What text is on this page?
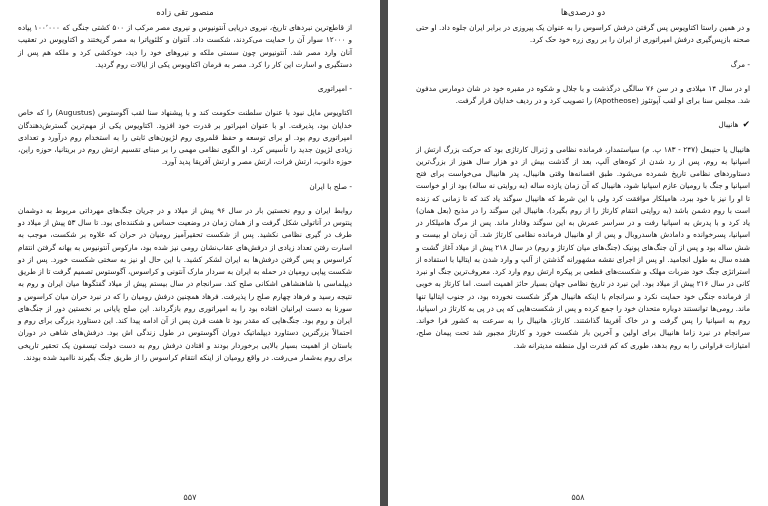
منصور تقی زاده

از قاطع‌ترین نبردهای تاریخ، نیروی دریایی آنتونیوس و نیروی مصر مرکب از ۵۰۰ کشتی جنگی که ۱۰۰٬۰۰۰ پیاده و ۱۲۰۰۰ سوار آن را حمایت می‌کردند، شکست داد. آنتوان و کلئوپاترا به مصر گریختند و اکتاویوس در تعقیب آنان وارد مصر شد. آنتونیوس چون سستی ملکه و نیروهای خود را دید، خودکشی کرد و ملکه هم پس از دستگیری و اسارت این کار را کرد. مصر به فرمان اکتاویوس یکی از ایالات روم گردید.

- امپراتوری

اکتاویوس مایل نبود با عنوان سلطنت حکومت کند و با پیشنهاد سنا لقب آگوستوس (Augustus) را که خاص خدایان بود، پذیرفت. او با عنوان امپراتور بر قدرت خود افزود. اکتاویوس یکی از مهم‌ترین گسترش‌دهندگان امپراتوری روم بود. او برای توسعه و حفظ قلمروی روم لژیون‌های ثابتی را به استخدام روم درآورد و تعدادی زیادی لژیون جدید را تأسیس کرد. او الگوی نظامی مهمی را بر مبنای تقسیم ارتش روم در بریتانیا، حوزه راین، حوزه دانوب، ارتش فرات، ارتش مصر و ارتش آفریقا پدید آورد.

- صلح با ایران

روابط ایران و روم نخستین بار در سال ۹۶ پیش از میلاد و در جریان جنگ‌های مهرداتی مربوط به دوشمان پنتوس در آناتولی شکل گرفت و از همان زمان در وضعیت حساس و شکننده‌ای بود. تا سال ۵۳ پیش از میلاد دو طرف در گیری نظامی نکشید. پس از شکست تحقیرآمیز رومیان در حران که علاوه بر شکست، موجب به اسارت رفتن تعداد زیادی از درفش‌های عقاب‌نشان رومی نیز شده بود، مارکوس آنتونیوس به بهانه گرفتن انتقام کراسوس و پس گرفتن درفش‌ها به ایران لشکر کشید. با این حال او نیز به سختی شکست خورد. پس از دو شکست پیاپی رومیان در حمله به ایران به سردار مارک آنتونی و کراسوس، آگوستوس تصمیم گرفت تا از طریق دیپلماسی با شاهنشاهی اشکانی صلح کند. سرانجام در سال بیستم پیش از میلاد گفتگوها میان ایران و روم به نتیجه رسید و فرهاد چهارم صلح را پذیرفت. فرهاد همچنین درفش رومیان را که در نبرد حران میان کراسوس و سورنا به دست ایرانیان افتاده بود را به امپراتوری روم بازگرداند. این صلح پایانی بر نخستین دور از جنگ‌های ایران و روم بود. جنگ‌هایی که مقدر بود تا هفت قرن پس از آن ادامه پیدا کند. این دستاورد بزرگی برای روم و احتمالاً بزرگترین دستاورد دیپلماتیک دوران آگوستوس در طول زندگی اش بود. درفش‌های شاهی در دوران باستان از اهمیت بسیار بالایی برخوردار بودند و افتادن درفش روم به دست دولت تیسفون یک تحقیر تاریخی برای روم به‌شمار می‌رفت. در واقع رومیان از اینکه انتقام کراسوس را از طریق جنگ بگیرند ناامید شده بودند.

۵۵۷
دو درصدی‌ها

و در همین راستا اکتاویوس پس گرفتن درفش کراسوس را به عنوان یک پیروزی در برابر ایران جلوه داد. او حتی صحنه بازپس‌گیری درفش امپراتوری از ایران را بر روی زره خود حک کرد.

- مرگ

او در سال ۱۴ میلادی و در سن ۷۶ سالگی درگذشت و با جلال و شکوه در مقبره خود در شان دومارس مدفون شد. مجلس سنا برای او لقب آپوتئوز (Apotheose) را تصویب کرد و در ردیف خدایان قرار گرفت.

✔
هانیبال

هانیبال یا حنیبعل (۲۴۷ - ۱۸۳ پ. م) سیاستمدار، فرمانده نظامی و ژنرال کارتاژی بود که حرکت بزرگ ارتش از اسپانیا به روم، پس از رد شدن از کوه‌های آلپ، بعد از گذشت بیش از دو هزار سال هنوز از بزرگ‌ترین دستاوردهای نظامی تاریخ شمرده می‌شود. طبق افسانه‌ها وقتی هانیبال، پدر هانیبال می‌خواست برای فتح اسپانیا و جنگ با رومیان عازم اسپانیا شود، هانیبال که آن زمان یازده ساله (به روایتی نه ساله) بود از او خواست تا او را نیز با خود ببرد، هامیلکار موافقت کرد ولی با این شرط که هانیبال سوگند یاد کند که تا زمانی که زنده است با روم دشمن باشد (به روایتی انتقام کارتاژ را از روم بگیرد). هانیبال این سوگند را در مذبح (بعل همان) یاد کرد و با پدرش به اسپانیا رفت و در سراسر عمرش به این سوگند وفادار ماند. پس از مرگ هامیلکار در اسپانیا، پسرخوانده و دامادش هاسدروبال و پس از او هانیبال فرمانده نظامی کارتاژ شد. آن زمان او بیست و شش ساله بود و پس از آن جنگ‌های پونیک (جنگ‌های میان کارتاژ و روم) در سال ۲۱۸ پیش از میلاد آغاز گشت و هفده سال به طول انجامید. او پس از اجرای نقشه مشهورانه گذشتن از آلپ و وارد شدن به ایتالیا با استفاده از استراتژی جنگ خود ضربات مهلک و شکست‌های قطعی بر پیکره ارتش روم وارد کرد. معروف‌ترین جنگ او نبرد کانی در سال ۲۱۶ پیش از میلاد بود. این نبرد در تاریخ نظامی جهان بسیار حائز اهمیت است. اما کارتاژ به خوبی از فرمانده جنگی خود حمایت نکرد و سرانجام با اینکه هانیبال هرگز شکست نخورده بود، در جنوب ایتالیا تنها ماند. رومی‌ها توانستند دوباره متحدان خود را جمع کرده و پس از شکست‌هایی که پی در پی به کارتاژ در اسپانیا، روم به اسپانیا را پس گرفت و در خاک آفریقا گذاشتند. کارتاژ، هانیبال را به سرعت به کشور فرا خواند. سرانجام در نبرد زاما هانیبال برای اولین و آخرین بار شکست خورد و کارتاژ مجبور شد تحت پیمان صلح، امتیازات فراوانی را به روم بدهد، طوری که کم قدرت اول منطقه مدیترانه شد.

۵۵۸
